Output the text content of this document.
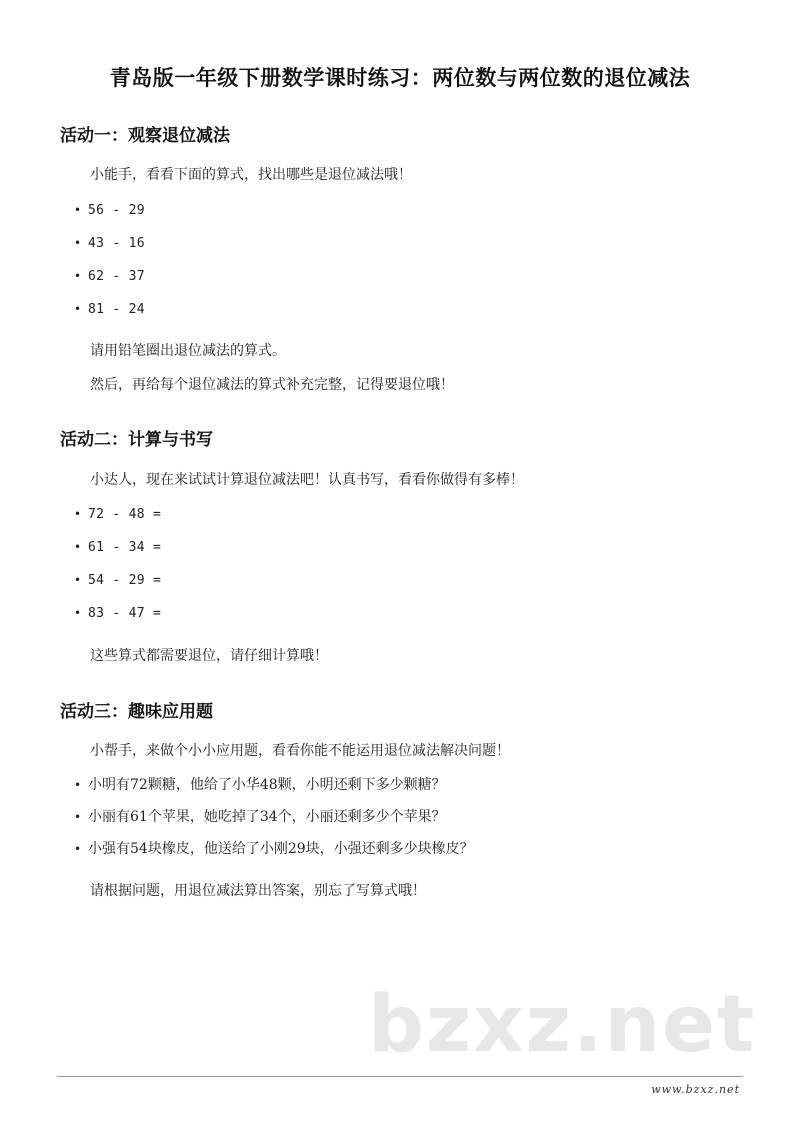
青岛版一年级下册数学课时练习：两位数与两位数的退位减法
活动一：观察退位减法
小能手，看看下面的算式，找出哪些是退位减法哦！
• 56 - 29
• 43 - 16
• 62 - 37
• 81 - 24
请用铅笔圈出退位减法的算式。
然后，再给每个退位减法的算式补充完整，记得要退位哦！
活动二：计算与书写
小达人，现在来试试计算退位减法吧！认真书写，看看你做得有多棒！
• 72 - 48 =
• 61 - 34 =
• 54 - 29 =
• 83 - 47 =
这些算式都需要退位，请仔细计算哦！
活动三：趣味应用题
小帮手，来做个小小应用题，看看你能不能运用退位减法解决问题！
• 小明有72颗糖，他给了小华48颗，小明还剩下多少颗糖？
• 小丽有61个苹果，她吃掉了34个，小丽还剩多少个苹果？
• 小强有54块橡皮，他送给了小刚29块，小强还剩多少块橡皮？
请根据问题，用退位减法算出答案，别忘了写算式哦！
bzxz.net
www.bzxz.net
